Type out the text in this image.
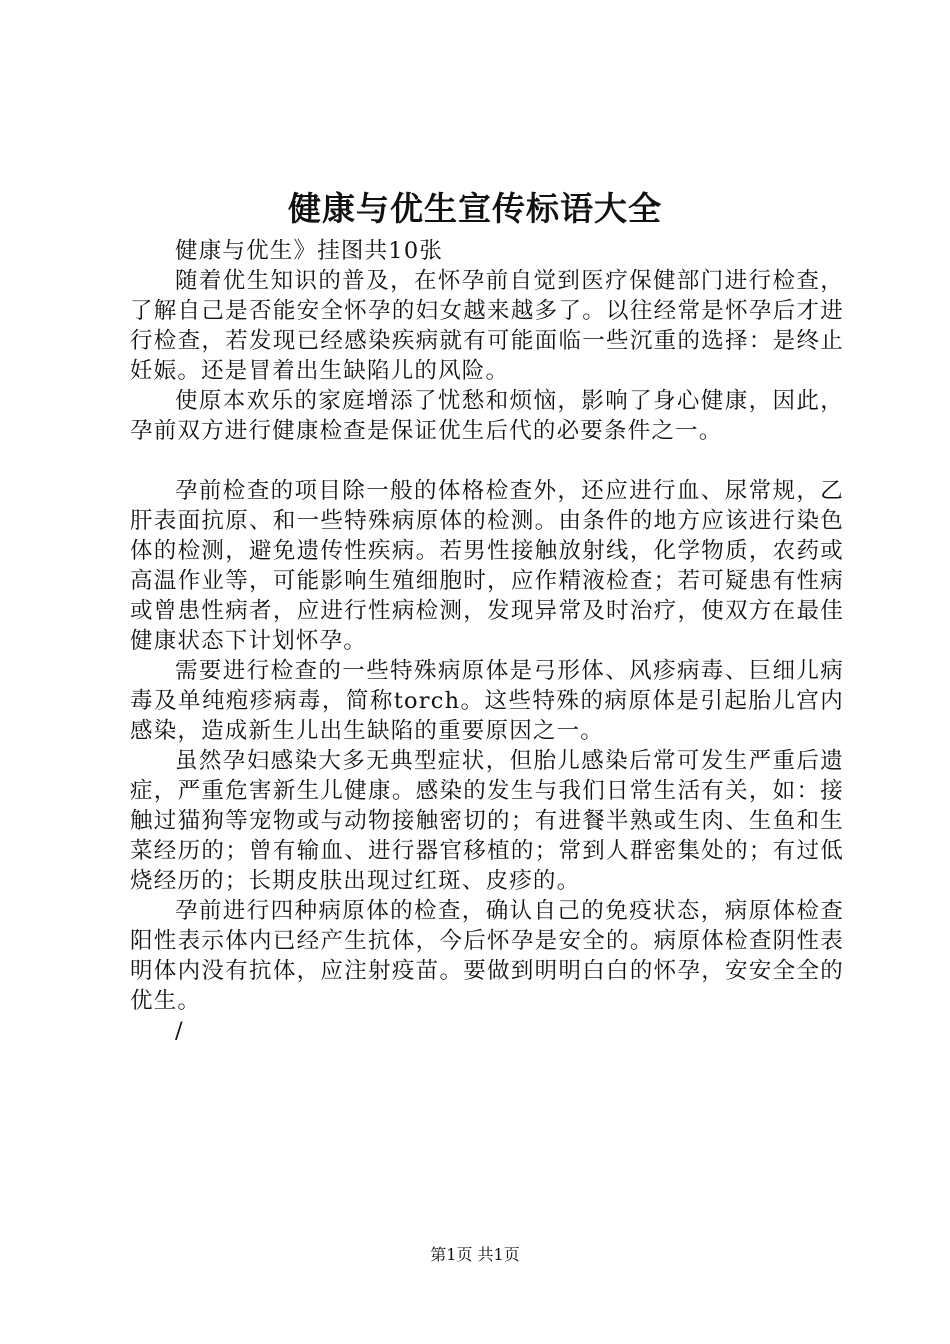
健康与优生宣传标语大全

健康与优生》挂图共10张

随着优生知识的普及，在怀孕前自觉到医疗保健部门进行检查，了解自己是否能安全怀孕的妇女越来越多了。以往经常是怀孕后才进行检查，若发现已经感染疾病就有可能面临一些沉重的选择：是终止妊娠。还是冒着出生缺陷儿的风险。

使原本欢乐的家庭增添了忧愁和烦恼，影响了身心健康，因此，孕前双方进行健康检查是保证优生后代的必要条件之一。

孕前检查的项目除一般的体格检查外，还应进行血、尿常规，乙肝表面抗原、和一些特殊病原体的检测。由条件的地方应该进行染色体的检测，避免遗传性疾病。若男性接触放射线，化学物质，农药或高温作业等，可能影响生殖细胞时，应作精液检查；若可疑患有性病或曾患性病者，应进行性病检测，发现异常及时治疗，使双方在最佳健康状态下计划怀孕。

需要进行检查的一些特殊病原体是弓形体、风疹病毒、巨细儿病毒及单纯疱疹病毒，简称torch。这些特殊的病原体是引起胎儿宫内感染，造成新生儿出生缺陷的重要原因之一。

虽然孕妇感染大多无典型症状，但胎儿感染后常可发生严重后遗症，严重危害新生儿健康。感染的发生与我们日常生活有关，如：接触过猫狗等宠物或与动物接触密切的；有进餐半熟或生肉、生鱼和生菜经历的；曾有输血、进行器官移植的；常到人群密集处的；有过低烧经历的；长期皮肤出现过红斑、皮疹的。

孕前进行四种病原体的检查，确认自己的免疫状态，病原体检查阳性表示体内已经产生抗体，今后怀孕是安全的。病原体检查阴性表明体内没有抗体，应注射疫苗。要做到明明白白的怀孕，安安全全的优生。

/

第1页 共1页
